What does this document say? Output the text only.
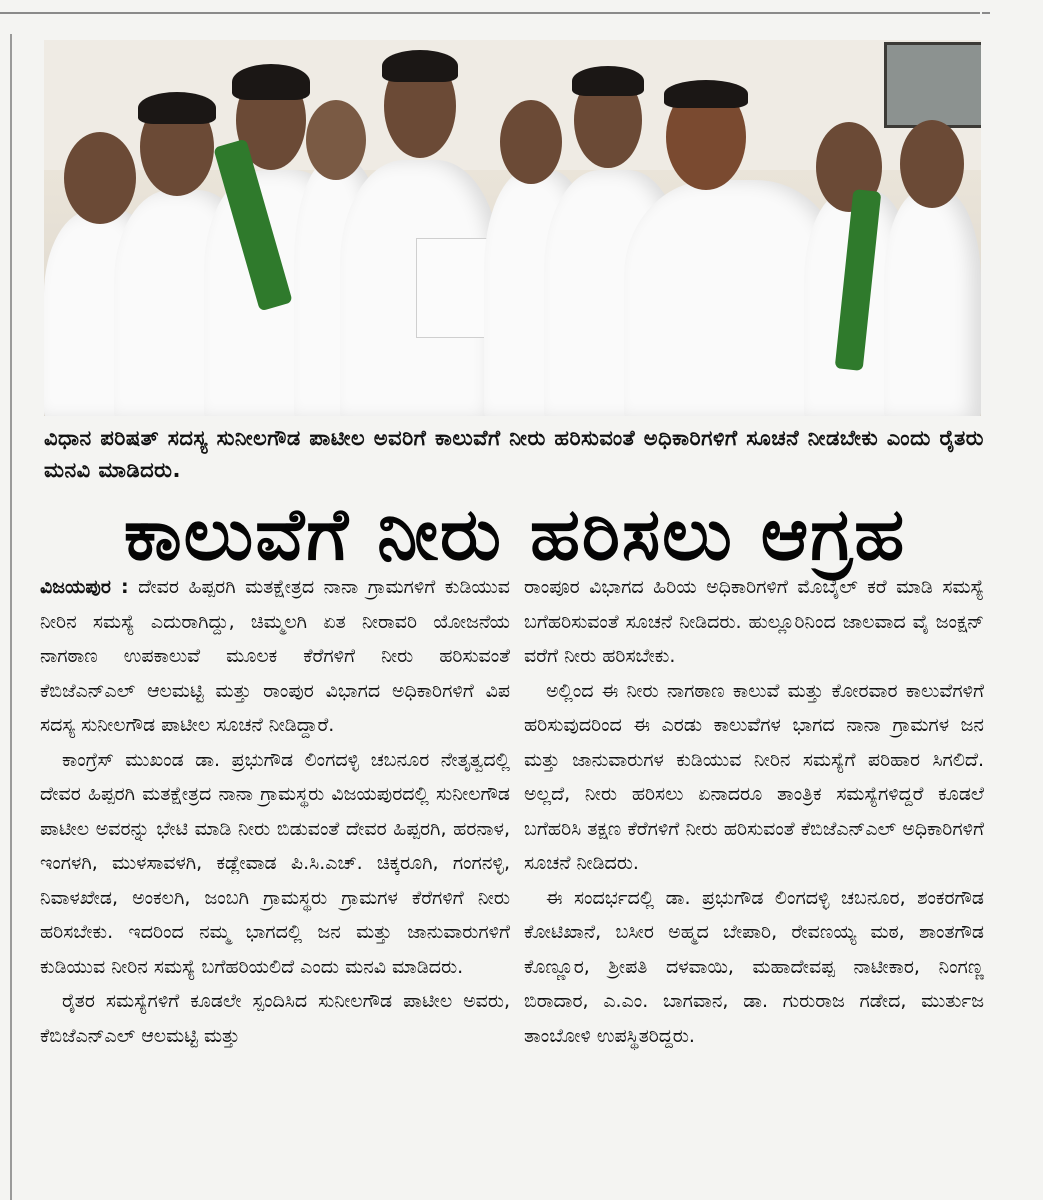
ವಿಧಾನ ಪರಿಷತ್ ಸದಸ್ಯ ಸುನೀಲಗೌಡ ಪಾಟೀಲ ಅವರಿಗೆ ಕಾಲುವೆಗೆ ನೀರು ಹರಿಸುವಂತೆ ಅಧಿಕಾರಿಗಳಿಗೆ ಸೂಚನೆ ನೀಡಬೇಕು ಎಂದು ರೈತರು ಮನವಿ ಮಾಡಿದರು.
ಕಾಲುವೆಗೆ ನೀರು ಹರಿಸಲು ಆಗ್ರಹ

ವಿಜಯಪುರ : ದೇವರ ಹಿಪ್ಪರಗಿ ಮತಕ್ಷೇತ್ರದ ನಾನಾ ಗ್ರಾಮಗಳಿಗೆ ಕುಡಿಯುವ ನೀರಿನ ಸಮಸ್ಯೆ ಎದುರಾಗಿದ್ದು, ಚಿಮ್ಮಲಗಿ ಏತ ನೀರಾವರಿ ಯೋಜನೆಯ ನಾಗಠಾಣ ಉಪಕಾಲುವೆ ಮೂಲಕ ಕೆರೆಗಳಿಗೆ ನೀರು ಹರಿಸುವಂತೆ ಕೆಬಿಜೆಎನ್ಎಲ್ ಆಲಮಟ್ಟಿ ಮತ್ತು ರಾಂಪುರ ವಿಭಾಗದ ಅಧಿಕಾರಿಗಳಿಗೆ ವಿಪ ಸದಸ್ಯ ಸುನೀಲಗೌಡ ಪಾಟೀಲ ಸೂಚನೆ ನೀಡಿದ್ದಾರೆ.

ಕಾಂಗ್ರೆಸ್ ಮುಖಂಡ ಡಾ. ಪ್ರಭುಗೌಡ ಲಿಂಗದಳ್ಳಿ ಚಬನೂರ ನೇತೃತ್ವದಲ್ಲಿ ದೇವರ ಹಿಪ್ಪರಗಿ ಮತಕ್ಷೇತ್ರದ ನಾನಾ ಗ್ರಾಮಸ್ಥರು ವಿಜಯಪುರದಲ್ಲಿ ಸುನೀಲಗೌಡ ಪಾಟೀಲ ಅವರನ್ನು ಭೇಟಿ ಮಾಡಿ ನೀರು ಬಿಡುವಂತೆ ದೇವರ ಹಿಪ್ಪರಗಿ, ಹರನಾಳ, ಇಂಗಳಗಿ, ಮುಳಸಾವಳಗಿ, ಕಡ್ಲೇವಾಡ ಪಿ.ಸಿ.ಎಚ್. ಚಿಕ್ಕರೂಗಿ, ಗಂಗನಳ್ಳಿ, ನಿವಾಳಖೇಡ, ಅಂಕಲಗಿ, ಜಂಬಗಿ ಗ್ರಾಮಸ್ಥರು ಗ್ರಾಮಗಳ ಕೆರೆಗಳಿಗೆ ನೀರು ಹರಿಸಬೇಕು. ಇದರಿಂದ ನಮ್ಮ ಭಾಗದಲ್ಲಿ ಜನ ಮತ್ತು ಜಾನುವಾರುಗಳಿಗೆ ಕುಡಿಯುವ ನೀರಿನ ಸಮಸ್ಯೆ ಬಗೆಹರಿಯಲಿದೆ ಎಂದು ಮನವಿ ಮಾಡಿದರು.

ರೈತರ ಸಮಸ್ಯೆಗಳಿಗೆ ಕೂಡಲೇ ಸ್ಪಂದಿಸಿದ ಸುನೀಲಗೌಡ ಪಾಟೀಲ ಅವರು, ಕೆಬಿಜೆಎನ್ಎಲ್ ಆಲಮಟ್ಟಿ ಮತ್ತು

ರಾಂಪೂರ ವಿಭಾಗದ ಹಿರಿಯ ಅಧಿಕಾರಿಗಳಿಗೆ ಮೊಬೈಲ್ ಕರೆ ಮಾಡಿ ಸಮಸ್ಯೆ ಬಗೆಹರಿಸುವಂತೆ ಸೂಚನೆ ನೀಡಿದರು. ಹುಲ್ಲೂರಿನಿಂದ ಜಾಲವಾದ ವೈ ಜಂಕ್ಷನ್ ವರೆಗೆ ನೀರು ಹರಿಸಬೇಕು.

ಅಲ್ಲಿಂದ ಈ ನೀರು ನಾಗಠಾಣ ಕಾಲುವೆ ಮತ್ತು ಕೋರವಾರ ಕಾಲುವೆಗಳಿಗೆ ಹರಿಸುವುದರಿಂದ ಈ ಎರಡು ಕಾಲುವೆಗಳ ಭಾಗದ ನಾನಾ ಗ್ರಾಮಗಳ ಜನ ಮತ್ತು ಜಾನುವಾರುಗಳ ಕುಡಿಯುವ ನೀರಿನ ಸಮಸ್ಯೆಗೆ ಪರಿಹಾರ ಸಿಗಲಿದೆ. ಅಲ್ಲದೆ, ನೀರು ಹರಿಸಲು ಏನಾದರೂ ತಾಂತ್ರಿಕ ಸಮಸ್ಯೆಗಳಿದ್ದರೆ ಕೂಡಲೆ ಬಗೆಹರಿಸಿ ತಕ್ಷಣ ಕೆರೆಗಳಿಗೆ ನೀರು ಹರಿಸುವಂತೆ ಕೆಬಿಜೆಎನ್ಎಲ್ ಅಧಿಕಾರಿಗಳಿಗೆ ಸೂಚನೆ ನೀಡಿದರು.

ಈ ಸಂದರ್ಭದಲ್ಲಿ ಡಾ. ಪ್ರಭುಗೌಡ ಲಿಂಗದಳ್ಳಿ ಚಬನೂರ, ಶಂಕರಗೌಡ ಕೋಟಿಖಾನೆ, ಬಸೀರ ಅಹ್ಮದ ಬೇಪಾರಿ, ರೇವಣಯ್ಯ ಮಠ, ಶಾಂತಗೌಡ ಕೊಣ್ಣೂರ, ಶ್ರೀಪತಿ ದಳವಾಯಿ, ಮಹಾದೇವಪ್ಪ ನಾಟೀಕಾರ, ನಿಂಗಣ್ಣ ಬಿರಾದಾರ, ಎ.ಎಂ. ಬಾಗವಾನ, ಡಾ. ಗುರುರಾಜ ಗಡೇದ, ಮುರ್ತುಜ ತಾಂಬೋಳಿ ಉಪಸ್ಥಿತರಿದ್ದರು.
